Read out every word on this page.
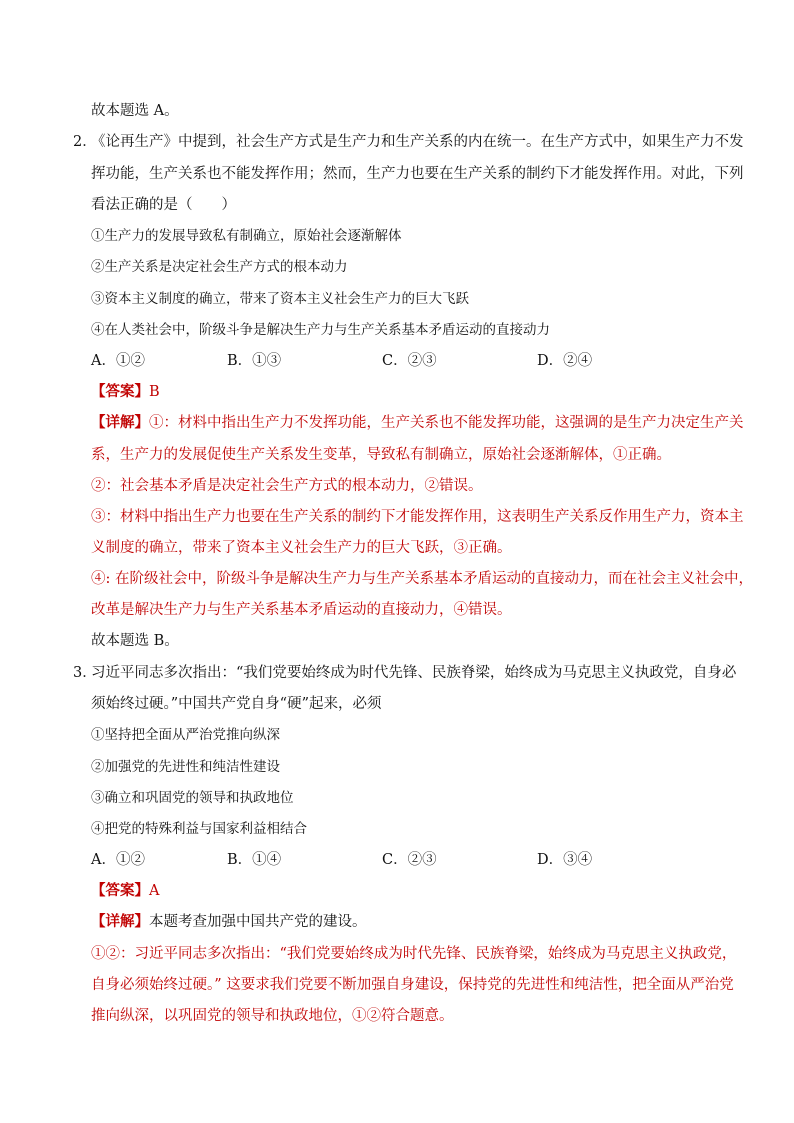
故本题选 A。
2．
《论再生产》中提到，社会生产方式是生产力和生产关系的内在统一。在生产方式中，如果生产力不发
挥功能，生产关系也不能发挥作用；然而，生产力也要在生产关系的制约下才能发挥作用。对此，下列
看法正确的是（　　）
①生产力的发展导致私有制确立，原始社会逐渐解体
②生产关系是决定社会生产方式的根本动力
③资本主义制度的确立，带来了资本主义社会生产力的巨大飞跃
④在人类社会中，阶级斗争是解决生产力与生产关系基本矛盾运动的直接动力
A．①②	B．①③	C．②③	D．②④
【答案】B
【详解】①：材料中指出生产力不发挥功能，生产关系也不能发挥功能，这强调的是生产力决定生产关
系，生产力的发展促使生产关系发生变革，导致私有制确立，原始社会逐渐解体，①正确。
②：社会基本矛盾是决定社会生产方式的根本动力，②错误。
③：材料中指出生产力也要在生产关系的制约下才能发挥作用，这表明生产关系反作用生产力，资本主
义制度的确立，带来了资本主义社会生产力的巨大飞跃，③正确。
④: 在阶级社会中，阶级斗争是解决生产力与生产关系基本矛盾运动的直接动力，而在社会主义社会中，
改革是解决生产力与生产关系基本矛盾运动的直接动力，④错误。
故本题选 B。
3．
习近平同志多次指出：“我们党要始终成为时代先锋、民族脊梁，始终成为马克思主义执政党，自身必
须始终过硬。”中国共产党自身“硬”起来，必须
①坚持把全面从严治党推向纵深
②加强党的先进性和纯洁性建设
③确立和巩固党的领导和执政地位
④把党的特殊利益与国家利益相结合
A．①②	B．①④	C．②③	D．③④
【答案】A
【详解】本题考查加强中国共产党的建设。
①②：习近平同志多次指出：“我们党要始终成为时代先锋、民族脊梁，始终成为马克思主义执政党，
自身必须始终过硬。” 这要求我们党要不断加强自身建设，保持党的先进性和纯洁性，把全面从严治党
推向纵深，以巩固党的领导和执政地位，①②符合题意。
